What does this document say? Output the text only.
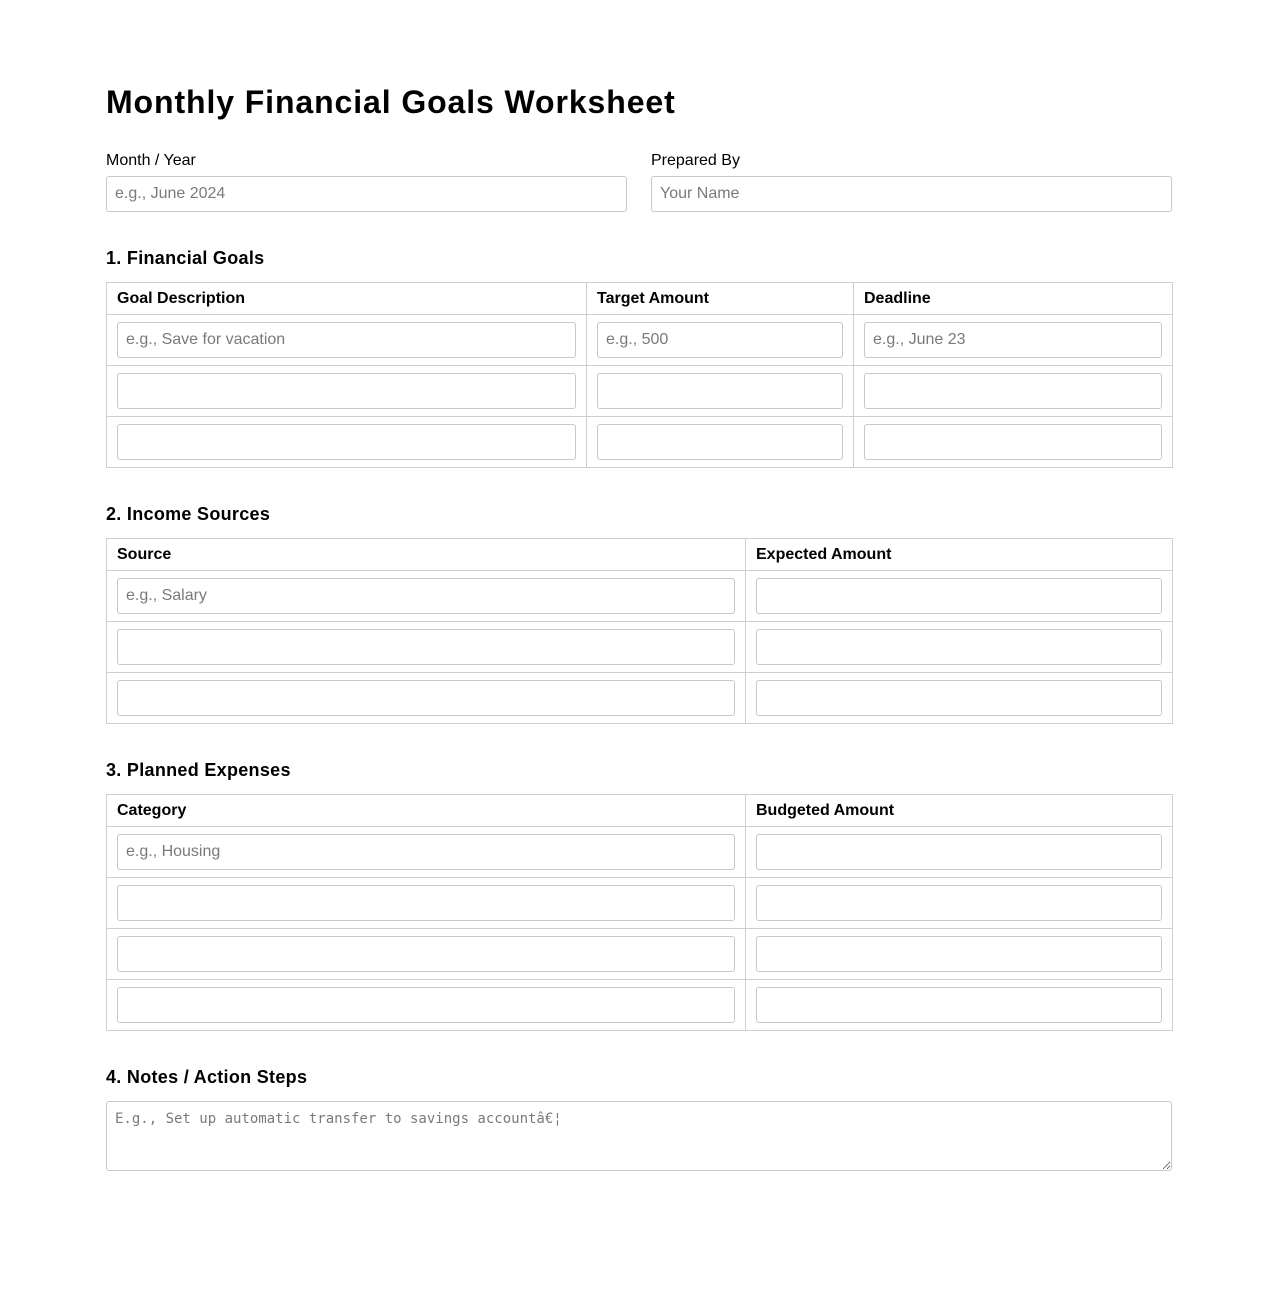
Monthly Financial Goals Worksheet
Month / Year
e.g., June 2024	Prepared By
Your Name
1. Financial Goals
Goal Description	Target Amount	Deadline
e.g., Save for vacation	e.g., 500	e.g., June 23

2. Income Sources
Source	Expected Amount
e.g., Salary	

3. Planned Expenses
Category	Budgeted Amount
e.g., Housing	

4. Notes / Action Steps
E.g., Set up automatic transfer to savings accountâ€¦
